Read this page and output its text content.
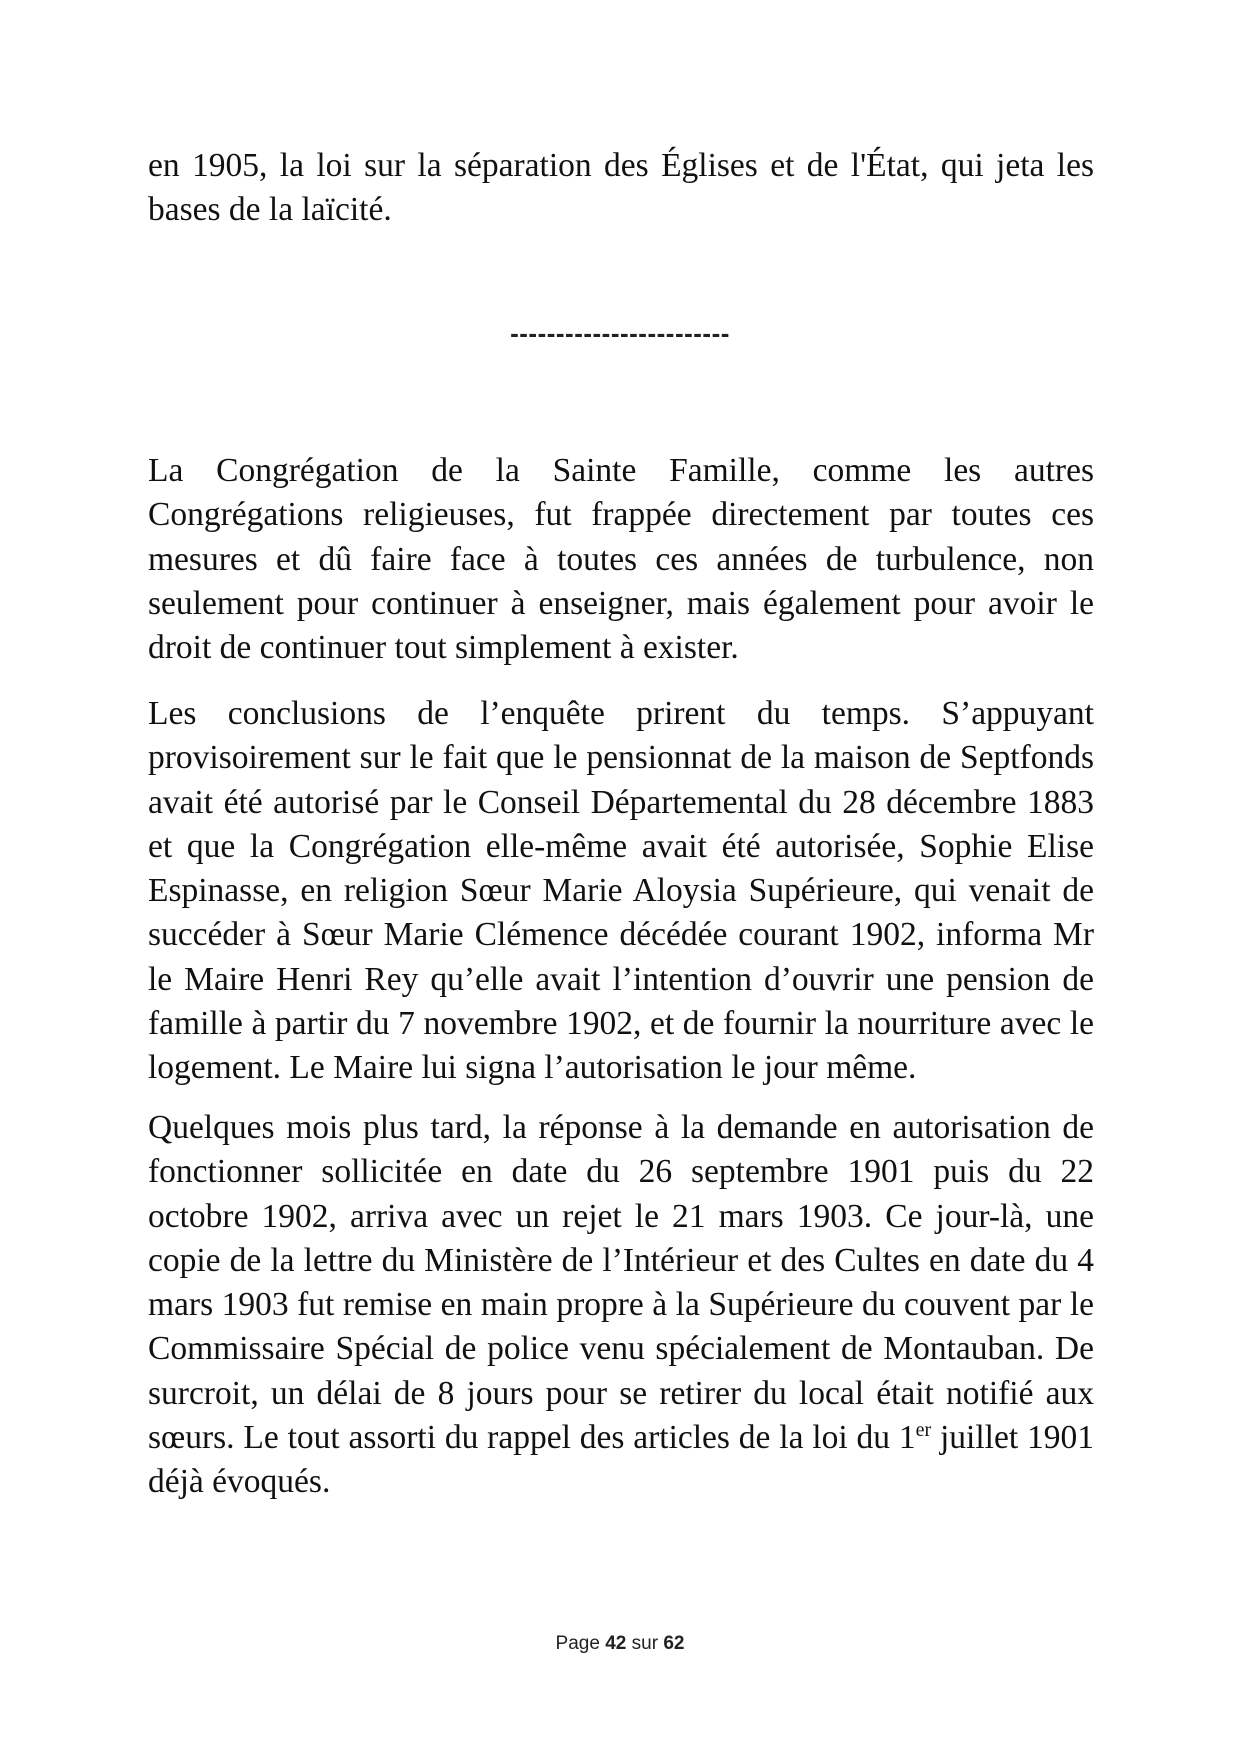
en 1905, la loi sur la séparation des Églises et de l'État, qui jeta les bases de la laïcité.

------------------------

La Congrégation de la Sainte Famille, comme les autres Congrégations religieuses, fut frappée directement par toutes ces mesures et dû faire face à toutes ces années de turbulence, non seulement pour continuer à enseigner, mais également pour avoir le droit de continuer tout simplement à exister.

Les conclusions de l’enquête prirent du temps. S’appuyant provisoirement sur le fait que le pensionnat de la maison de Septfonds avait été autorisé par le Conseil Départemental du 28 décembre 1883 et que la Congrégation elle-même avait été autorisée, Sophie Elise Espinasse, en religion Sœur Marie Aloysia Supérieure, qui venait de succéder à Sœur Marie Clémence décédée courant 1902, informa Mr le Maire Henri Rey qu’elle avait l’intention d’ouvrir une pension de famille à partir du 7 novembre 1902, et de fournir la nourriture avec le logement. Le Maire lui signa l’autorisation le jour même.

Quelques mois plus tard, la réponse à la demande en autorisation de fonctionner sollicitée en date du 26 septembre 1901 puis du 22 octobre 1902, arriva avec un rejet le 21 mars 1903. Ce jour-là, une copie de la lettre du Ministère de l’Intérieur et des Cultes en date du 4 mars 1903 fut remise en main propre à la Supérieure du couvent par le Commissaire Spécial de police venu spécialement de Montauban. De surcroit, un délai de 8 jours pour se retirer du local était notifié aux sœurs. Le tout assorti du rappel des articles de la loi du 1er juillet 1901 déjà évoqués.

Page 42 sur 62
